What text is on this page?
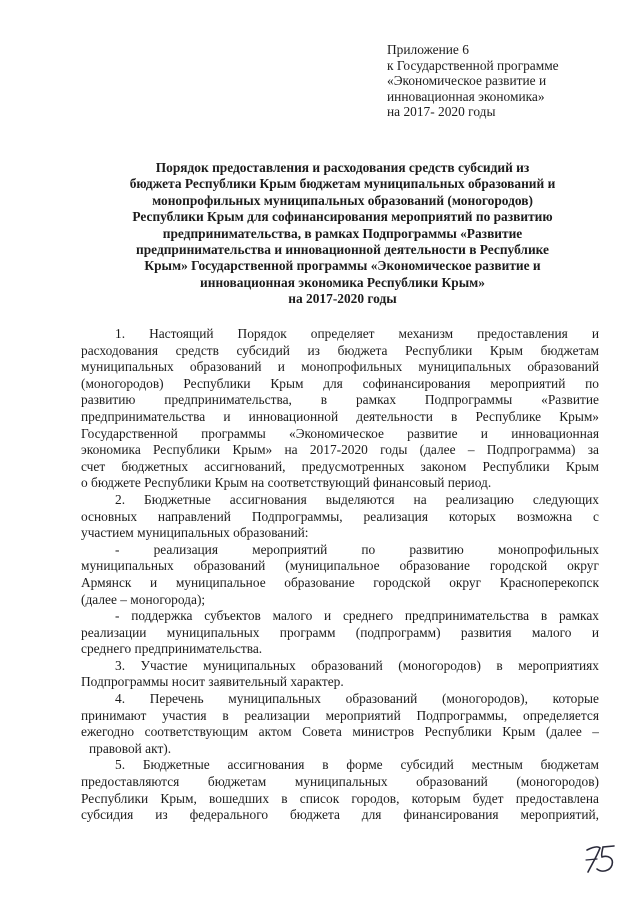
Приложение 6
к Государственной программе
«Экономическое развитие и
инновационная экономика»
на 2017- 2020 годы
Порядок предоставления и расходования средств субсидий из
бюджета Республики Крым бюджетам муниципальных образований и
монопрофильных муниципальных образований (моногородов)
Республики Крым для софинансирования мероприятий по развитию
предпринимательства, в рамках Подпрограммы «Развитие
предпринимательства и инновационной деятельности в Республике
Крым» Государственной программы «Экономическое развитие и
инновационная экономика Республики Крым»
на 2017-2020 годы
1. Настоящий Порядок определяет механизм предоставления и
расходования средств субсидий из бюджета Республики Крым бюджетам
муниципальных образований и монопрофильных муниципальных образований
(моногородов) Республики Крым для софинансирования мероприятий по
развитию предпринимательства, в рамках Подпрограммы «Развитие
предпринимательства и инновационной деятельности в Республике Крым»
Государственной программы «Экономическое развитие и инновационная
экономика Республики Крым» на 2017-2020 годы (далее – Подпрограмма) за
счет бюджетных ассигнований, предусмотренных законом Республики Крым
о бюджете Республики Крым на соответствующий финансовый период.
2. Бюджетные ассигнования выделяются на реализацию следующих
основных направлений Подпрограммы, реализация которых возможна с
участием муниципальных образований:
- реализация мероприятий по развитию монопрофильных
муниципальных образований (муниципальное образование городской округ
Армянск и муниципальное образование городской округ Красноперекопск
(далее – моногорода);
- поддержка субъектов малого и среднего предпринимательства в рамках
реализации муниципальных программ (подпрограмм) развития малого и
среднего предпринимательства.
3. Участие муниципальных образований (моногородов) в мероприятиях
Подпрограммы носит заявительный характер.
4. Перечень муниципальных образований (моногородов), которые
принимают участия в реализации мероприятий Подпрограммы, определяется
ежегодно соответствующим актом Совета министров Республики Крым (далее –
правовой акт).
5. Бюджетные ассигнования в форме субсидий местным бюджетам
предоставляются бюджетам муниципальных образований (моногородов)
Республики Крым, вошедших в список городов, которым будет предоставлена
субсидия из федерального бюджета для финансирования мероприятий,
